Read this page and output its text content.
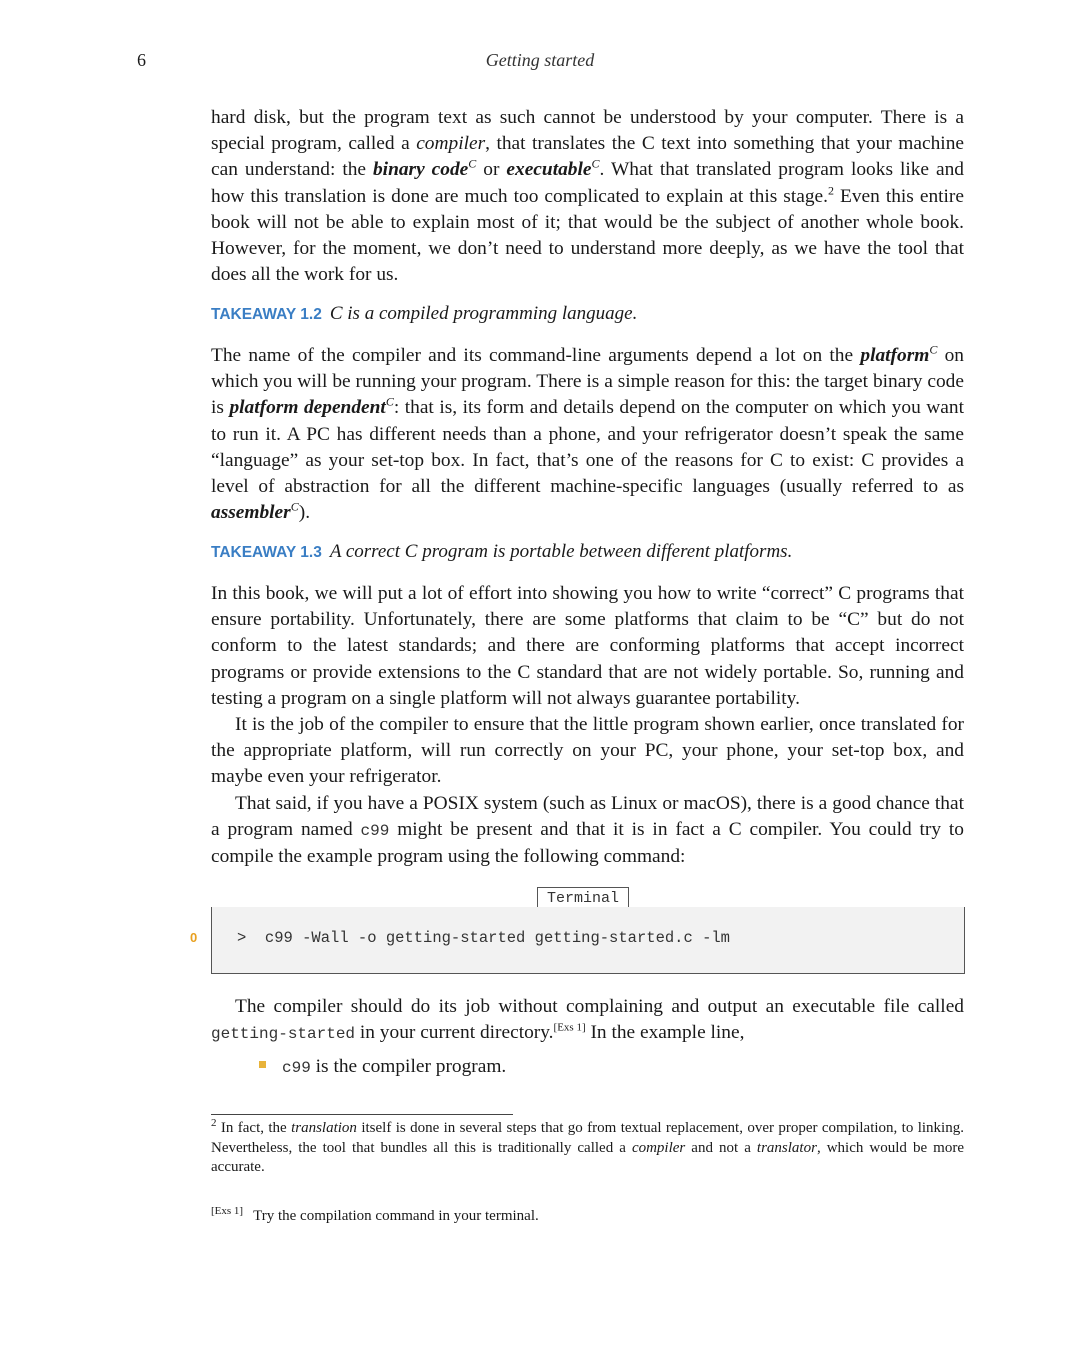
6	Getting started

hard disk, but the program text as such cannot be understood by your computer. There is a special program, called a compiler, that translates the C text into something that your machine can understand: the binary code$^C$ or executable$^C$. What that translated program looks like and how this translation is done are much too complicated to explain at this stage.$^2$ Even this entire book will not be able to explain most of it; that would be the subject of another whole book. However, for the moment, we don’t need to understand more deeply, as we have the tool that does all the work for us.

TAKEAWAY 1.2 C is a compiled programming language.

The name of the compiler and its command-line arguments depend a lot on the platform$^C$ on which you will be running your program. There is a simple reason for this: the target binary code is platform dependent$^C$: that is, its form and details depend on the computer on which you want to run it. A PC has different needs than a phone, and your refrigerator doesn’t speak the same “language” as your set-top box. In fact, that’s one of the reasons for C to exist: C provides a level of abstraction for all the different machine-specific languages (usually referred to as assembler$^C$).

TAKEAWAY 1.3 A correct C program is portable between different platforms.

In this book, we will put a lot of effort into showing you how to write “correct” C programs that ensure portability. Unfortunately, there are some platforms that claim to be “C” but do not conform to the latest standards; and there are conforming platforms that accept incorrect programs or provide extensions to the C standard that are not widely portable. So, running and testing a program on a single platform will not always guarantee portability.

It is the job of the compiler to ensure that the little program shown earlier, once translated for the appropriate platform, will run correctly on your PC, your phone, your set-top box, and maybe even your refrigerator.

That said, if you have a POSIX system (such as Linux or macOS), there is a good chance that a program named c99 might be present and that it is in fact a C compiler. You could try to compile the example program using the following command:

Terminal
0	>  c99 -Wall -o getting-started getting-started.c -lm

The compiler should do its job without complaining and output an executable file called getting-started in your current directory.[Exs 1] In the example line,

c99 is the compiler program.
$^2$ In fact, the translation itself is done in several steps that go from textual replacement, over proper compilation, to linking. Nevertheless, the tool that bundles all this is traditionally called a compiler and not a translator, which would be more accurate.
[Exs 1] Try the compilation command in your terminal.
